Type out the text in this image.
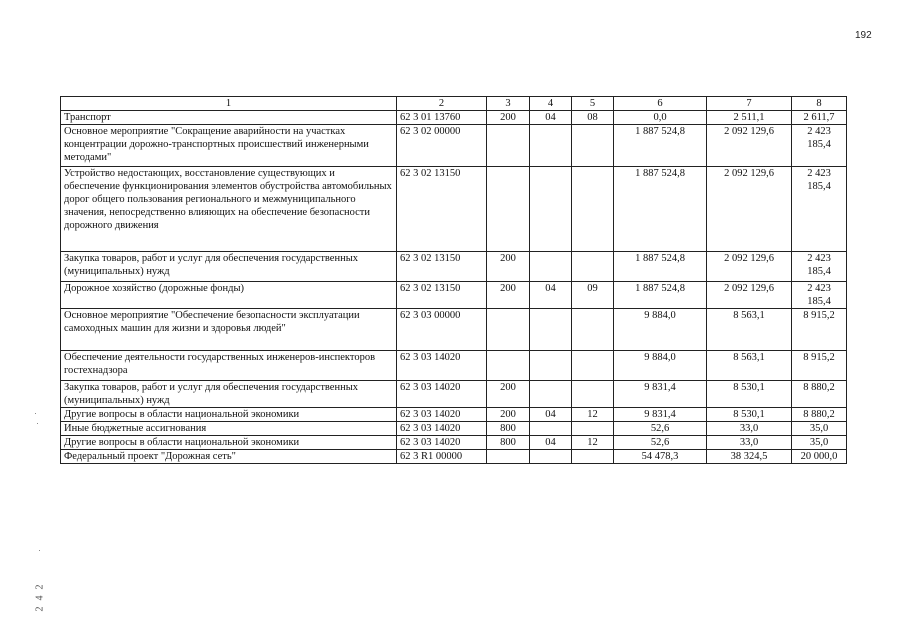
192
1	2	3	4	5	6	7	8
Транспорт	62 3 01 13760	200	04	08	0,0	2 511,1	2 611,7
Основное мероприятие "Сокращение аварийности на участках концентрации дорожно-транспортных происшествий инженерными методами"	62 3 02 00000				1 887 524,8	2 092 129,6	2 423 185,4
Устройство недостающих, восстановление существующих и обеспечение функционирования элементов обустройства автомобильных дорог общего пользования регионального и межмуниципального значения, непосредственно влияющих на обеспечение безопасности дорожного движения	62 3 02 13150				1 887 524,8	2 092 129,6	2 423 185,4
Закупка товаров, работ и услуг для обеспечения государственных (муниципальных) нужд	62 3 02 13150	200			1 887 524,8	2 092 129,6	2 423 185,4
Дорожное хозяйство (дорожные фонды)	62 3 02 13150	200	04	09	1 887 524,8	2 092 129,6	2 423 185,4
Основное мероприятие "Обеспечение безопасности эксплуатации самоходных машин для жизни и здоровья людей"	62 3 03 00000				9 884,0	8 563,1	8 915,2
Обеспечение деятельности государственных инженеров-инспекторов гостехнадзора	62 3 03 14020				9 884,0	8 563,1	8 915,2
Закупка товаров, работ и услуг для обеспечения государственных (муниципальных) нужд	62 3 03 14020	200			9 831,4	8 530,1	8 880,2
Другие вопросы в области национальной экономики	62 3 03 14020	200	04	12	9 831,4	8 530,1	8 880,2
Иные бюджетные ассигнования	62 3 03 14020	800			52,6	33,0	35,0
Другие вопросы в области национальной экономики	62 3 03 14020	800	04	12	52,6	33,0	35,0
Федеральный проект "Дорожная сеть"	62 3 R1 00000				54 478,3	38 324,5	20 000,0
·
·
·
2
4
2
